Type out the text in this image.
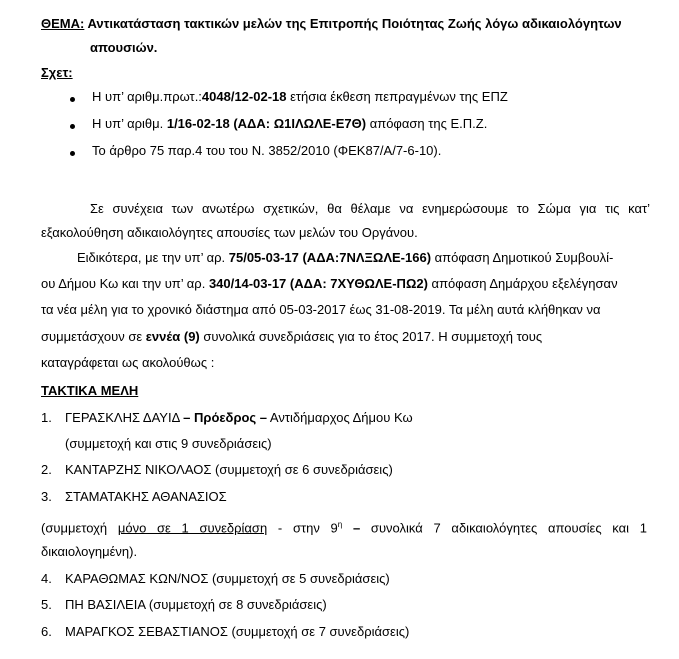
ΘΕΜΑ: Αντικατάσταση τακτικών μελών της Επιτροπής Ποιότητας Ζωής λόγω αδικαιολόγητων
απουσιών.
Σχετ:
Η υπ’ αριθμ.πρωτ.:4048/12-02-18 ετήσια έκθεση πεπραγμένων της ΕΠΖ
Η υπ’ αριθμ. 1/16-02-18 (ΑΔΑ: Ω1ΙΛΩΛΕ-Ε7Θ) απόφαση της Ε.Π.Ζ.
Το άρθρο 75 παρ.4 του του Ν. 3852/2010 (ΦΕΚ87/Α/7-6-10).
Σε συνέχεια των ανωτέρω σχετικών, θα θέλαμε να ενημερώσουμε το Σώμα για τις κατ’
εξακολούθηση αδικαιολόγητες απουσίες των μελών του Οργάνου.
Ειδικότερα, με την υπ’ αρ. 75/05-03-17 (ΑΔΑ:7ΝΛΞΩΛΕ-166) απόφαση Δημοτικού Συμβουλί-
ου Δήμου Κω και την υπ’ αρ. 340/14-03-17 (ΑΔΑ: 7ΧΥΘΩΛΕ-ΠΩ2) απόφαση Δημάρχου εξελέγησαν
τα νέα μέλη για το χρονικό διάστημα από 05-03-2017 έως 31-08-2019. Τα μέλη αυτά κλήθηκαν να
συμμετάσχουν σε εννέα (9) συνολικά συνεδριάσεις για το έτος 2017. Η συμμετοχή τους
καταγράφεται ως ακολούθως :
ΤΑΚΤΙΚΑ ΜΕΛΗ
1. ΓΕΡΑΣΚΛΗΣ ΔΑΥΙΔ – Πρόεδρος – Αντιδήμαρχος Δήμου Κω
(συμμετοχή και στις 9 συνεδριάσεις)
2. ΚΑΝΤΑΡΖΗΣ ΝΙΚΟΛΑΟΣ (συμμετοχή σε 6 συνεδριάσεις)
3. ΣΤΑΜΑΤΑΚΗΣ ΑΘΑΝΑΣΙΟΣ
(συμμετοχή μόνο σε 1 συνεδρίαση - στην $9^\eta$ – συνολικά 7 αδικαιολόγητες απουσίες και 1
δικαιολογημένη).
4. ΚΑΡΑΘΩΜΑΣ ΚΩΝ/ΝΟΣ (συμμετοχή σε 5 συνεδριάσεις)
5. ΠΗ ΒΑΣΙΛΕΙΑ (συμμετοχή σε 8 συνεδριάσεις)
6. ΜΑΡΑΓΚΟΣ ΣΕΒΑΣΤΙΑΝΟΣ (συμμετοχή σε 7 συνεδριάσεις)
